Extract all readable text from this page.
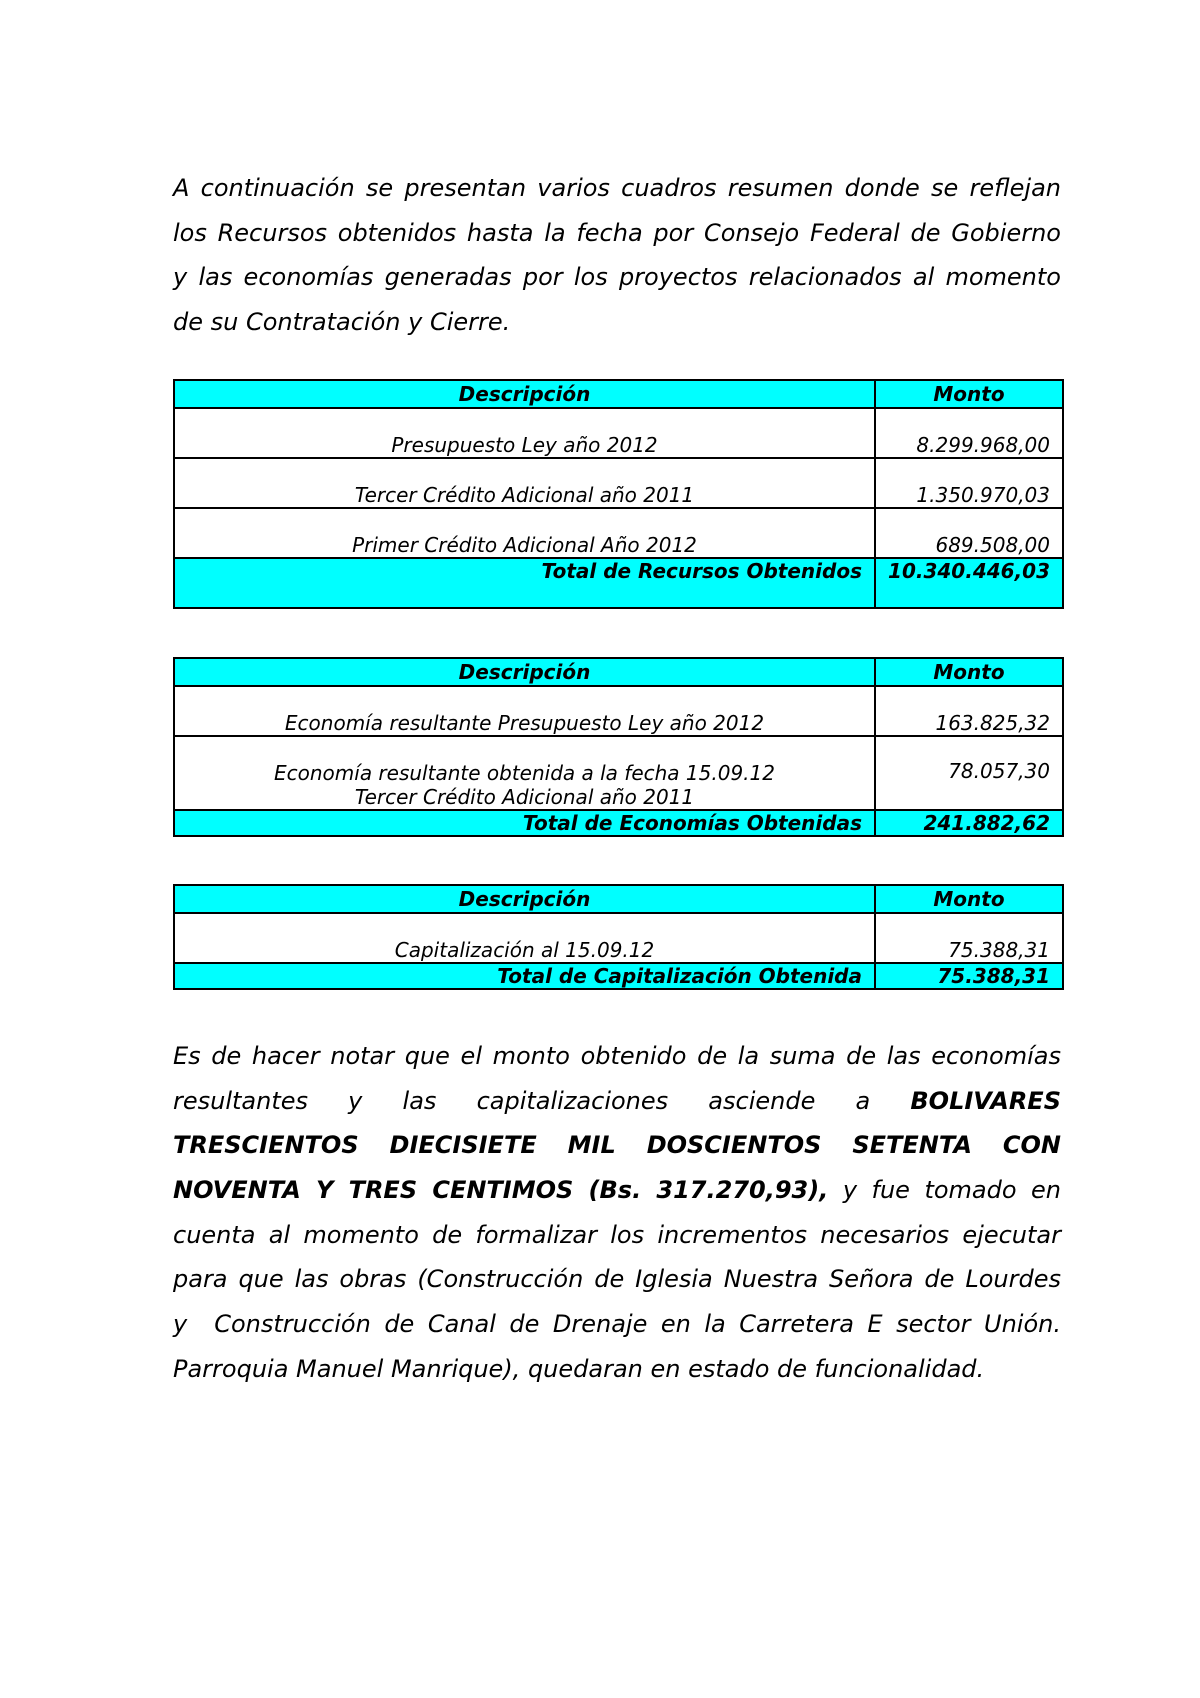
A continuación se presentan varios cuadros resumen donde se reflejan
los Recursos obtenidos hasta la fecha por Consejo Federal de Gobierno
y las economías generadas por los proyectos relacionados al momento
de su Contratación y Cierre.
Descripción	Monto
Presupuesto Ley año 2012	8.299.968,00
Tercer Crédito Adicional año 2011	1.350.970,03
Primer Crédito Adicional Año 2012	689.508,00
Total de Recursos Obtenidos	10.340.446,03
Descripción	Monto
Economía resultante Presupuesto Ley año 2012	163.825,32

Economía resultante obtenida a la fecha 15.09.12
Tercer Crédito Adicional año 2011	78.057,30
Total de Economías Obtenidas	241.882,62
Descripción	Monto
Capitalización al 15.09.12	75.388,31
Total de Capitalización Obtenida	75.388,31
Es de hacer notar que el monto obtenido de la suma de las economías
resultantes y las capitalizaciones asciende a BOLIVARES
TRESCIENTOS DIECISIETE MIL DOSCIENTOS SETENTA CON
NOVENTA Y TRES CENTIMOS (Bs. 317.270,93), y fue tomado en
cuenta al momento de formalizar los incrementos necesarios ejecutar
para que las obras (Construcción de Iglesia Nuestra Señora de Lourdes
y  Construcción de Canal de Drenaje en la Carretera E sector Unión.
Parroquia Manuel Manrique), quedaran en estado de funcionalidad.
